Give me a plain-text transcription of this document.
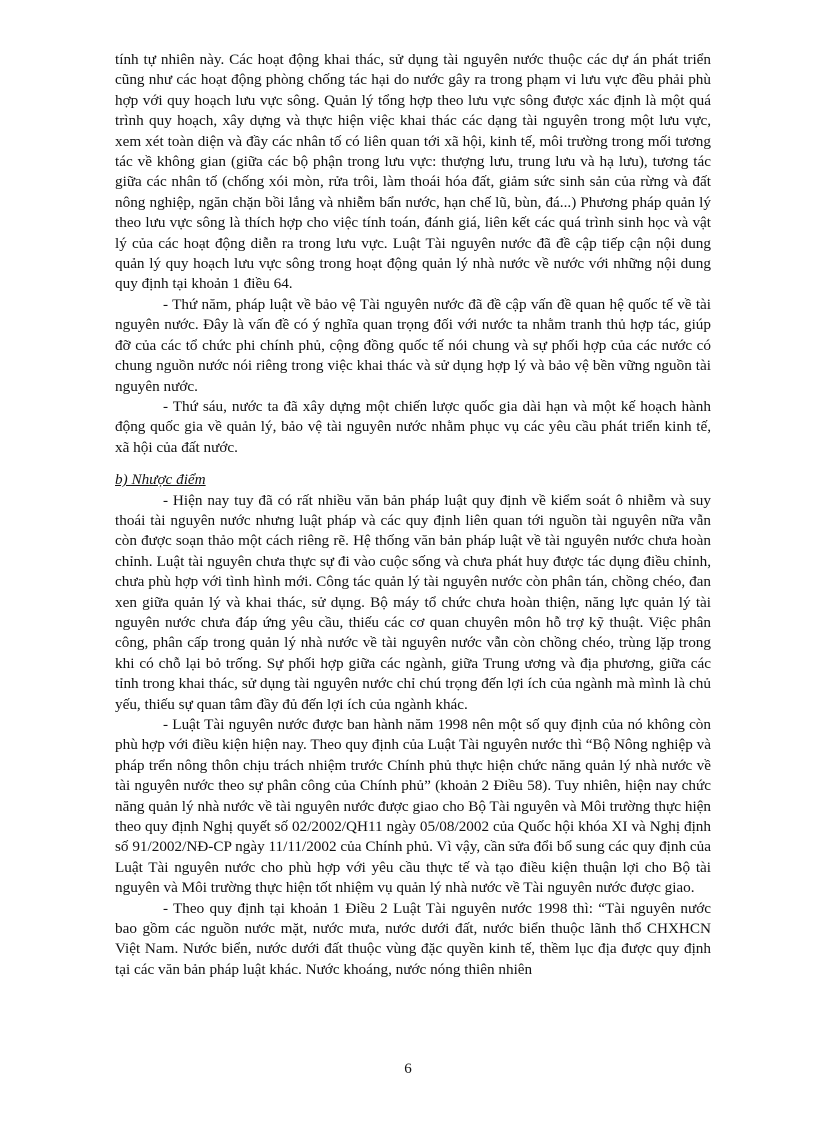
tính tự nhiên này. Các hoạt động khai thác, sử dụng tài nguyên nước thuộc các dự án phát triển cũng như các hoạt động phòng chống tác hại do nước gây ra trong phạm vi lưu vực đều phải phù hợp với quy hoạch lưu vực sông. Quản lý tổng hợp theo lưu vực sông được xác định là một quá trình quy hoạch, xây dựng và thực hiện việc khai thác các dạng tài nguyên trong một lưu vực, xem xét toàn diện và đầy các nhân tố có liên quan tới xã hội, kinh tế, môi trường trong mối tương tác về không gian (giữa các bộ phận trong lưu vực: thượng lưu, trung lưu và hạ lưu), tương tác giữa các nhân tố (chống xói mòn, rửa trôi, làm thoái hóa đất, giảm sức sinh sản của rừng và đất nông nghiệp, ngăn chặn bồi lắng và nhiễm bẩn nước, hạn chế lũ, bùn, đá...) Phương pháp quản lý theo lưu vực sông là thích hợp cho việc tính toán, đánh giá, liên kết các quá trình sinh học và vật lý của các hoạt động diễn ra trong lưu vực. Luật Tài nguyên nước đã đề cập tiếp cận nội dung quản lý quy hoạch lưu vực sông trong hoạt động quản lý nhà nước về nước với những nội dung quy định tại khoản 1 điều 64.

- Thứ năm, pháp luật về bảo vệ Tài nguyên nước đã đề cập vấn đề quan hệ quốc tế về tài nguyên nước. Đây là vấn đề có ý nghĩa quan trọng đối với nước ta nhằm tranh thủ hợp tác, giúp đỡ của các tổ chức phi chính phủ, cộng đồng quốc tế nói chung và sự phối hợp của các nước có chung nguồn nước nói riêng trong việc khai thác và sử dụng hợp lý và bảo vệ bền vững nguồn tài nguyên nước.

- Thứ sáu, nước ta đã xây dựng một chiến lược quốc gia dài hạn và một kế hoạch hành động quốc gia về quản lý, bảo vệ tài nguyên nước nhằm phục vụ các yêu cầu phát triển kinh tế, xã hội của đất nước.

b) Nhược điểm

- Hiện nay tuy đã có rất nhiều văn bản pháp luật quy định về kiểm soát ô nhiễm và suy thoái tài nguyên nước nhưng luật pháp và các quy định liên quan tới nguồn tài nguyên nữa vẫn còn được soạn thảo một cách riêng rẽ. Hệ thống văn bản pháp luật về tài nguyên nước chưa hoàn chỉnh. Luật tài nguyên chưa thực sự đi vào cuộc sống và chưa phát huy được tác dụng điều chỉnh, chưa phù hợp với tình hình mới. Công tác quản lý tài nguyên nước còn phân tán, chồng chéo, đan xen giữa quản lý và khai thác, sử dụng. Bộ máy tổ chức chưa hoàn thiện, năng lực quản lý tài nguyên nước chưa đáp ứng yêu cầu, thiếu các cơ quan chuyên môn hỗ trợ kỹ thuật. Việc phân công, phân cấp trong quản lý nhà nước về tài nguyên nước vẫn còn chồng chéo, trùng lặp trong khi có chỗ lại bỏ trống. Sự phối hợp giữa các ngành, giữa Trung ương và địa phương, giữa các tỉnh trong khai thác, sử dụng tài nguyên nước chỉ chú trọng đến lợi ích của ngành mà mình là chủ yếu, thiếu sự quan tâm đầy đủ đến lợi ích của ngành khác.

- Luật Tài nguyên nước được ban hành năm 1998 nên một số quy định của nó không còn phù hợp với điều kiện hiện nay. Theo quy định của Luật Tài nguyên nước thì “Bộ Nông nghiệp và pháp trển nông thôn chịu trách nhiệm trước Chính phủ thực hiện chức năng quản lý nhà nước về tài nguyên nước theo sự phân công của Chính phủ” (khoản 2 Điều 58). Tuy nhiên, hiện nay chức năng quản lý nhà nước về tài nguyên nước được giao cho Bộ Tài nguyên và Môi trường thực hiện theo quy định Nghị quyết số 02/2002/QH11 ngày 05/08/2002 của Quốc hội khóa XI và Nghị định số 91/2002/NĐ-CP ngày 11/11/2002 của Chính phủ. Vì vậy, cần sửa đổi bổ sung các quy định của Luật Tài nguyên nước cho phù hợp với yêu cầu thực tế và tạo điều kiện thuận lợi cho Bộ tài nguyên và Môi trường thực hiện tốt nhiệm vụ quản lý nhà nước về Tài nguyên nước được giao.

- Theo quy định tại khoản 1 Điều 2 Luật Tài nguyên nước 1998 thì: “Tài nguyên nước bao gồm các nguồn nước mặt, nước mưa, nước dưới đất, nước biển thuộc lãnh thổ CHXHCN Việt Nam. Nước biển, nước dưới đất thuộc vùng đặc quyền kinh tế, thềm lục địa được quy định tại các văn bản pháp luật khác. Nước khoáng, nước nóng thiên nhiên

6
